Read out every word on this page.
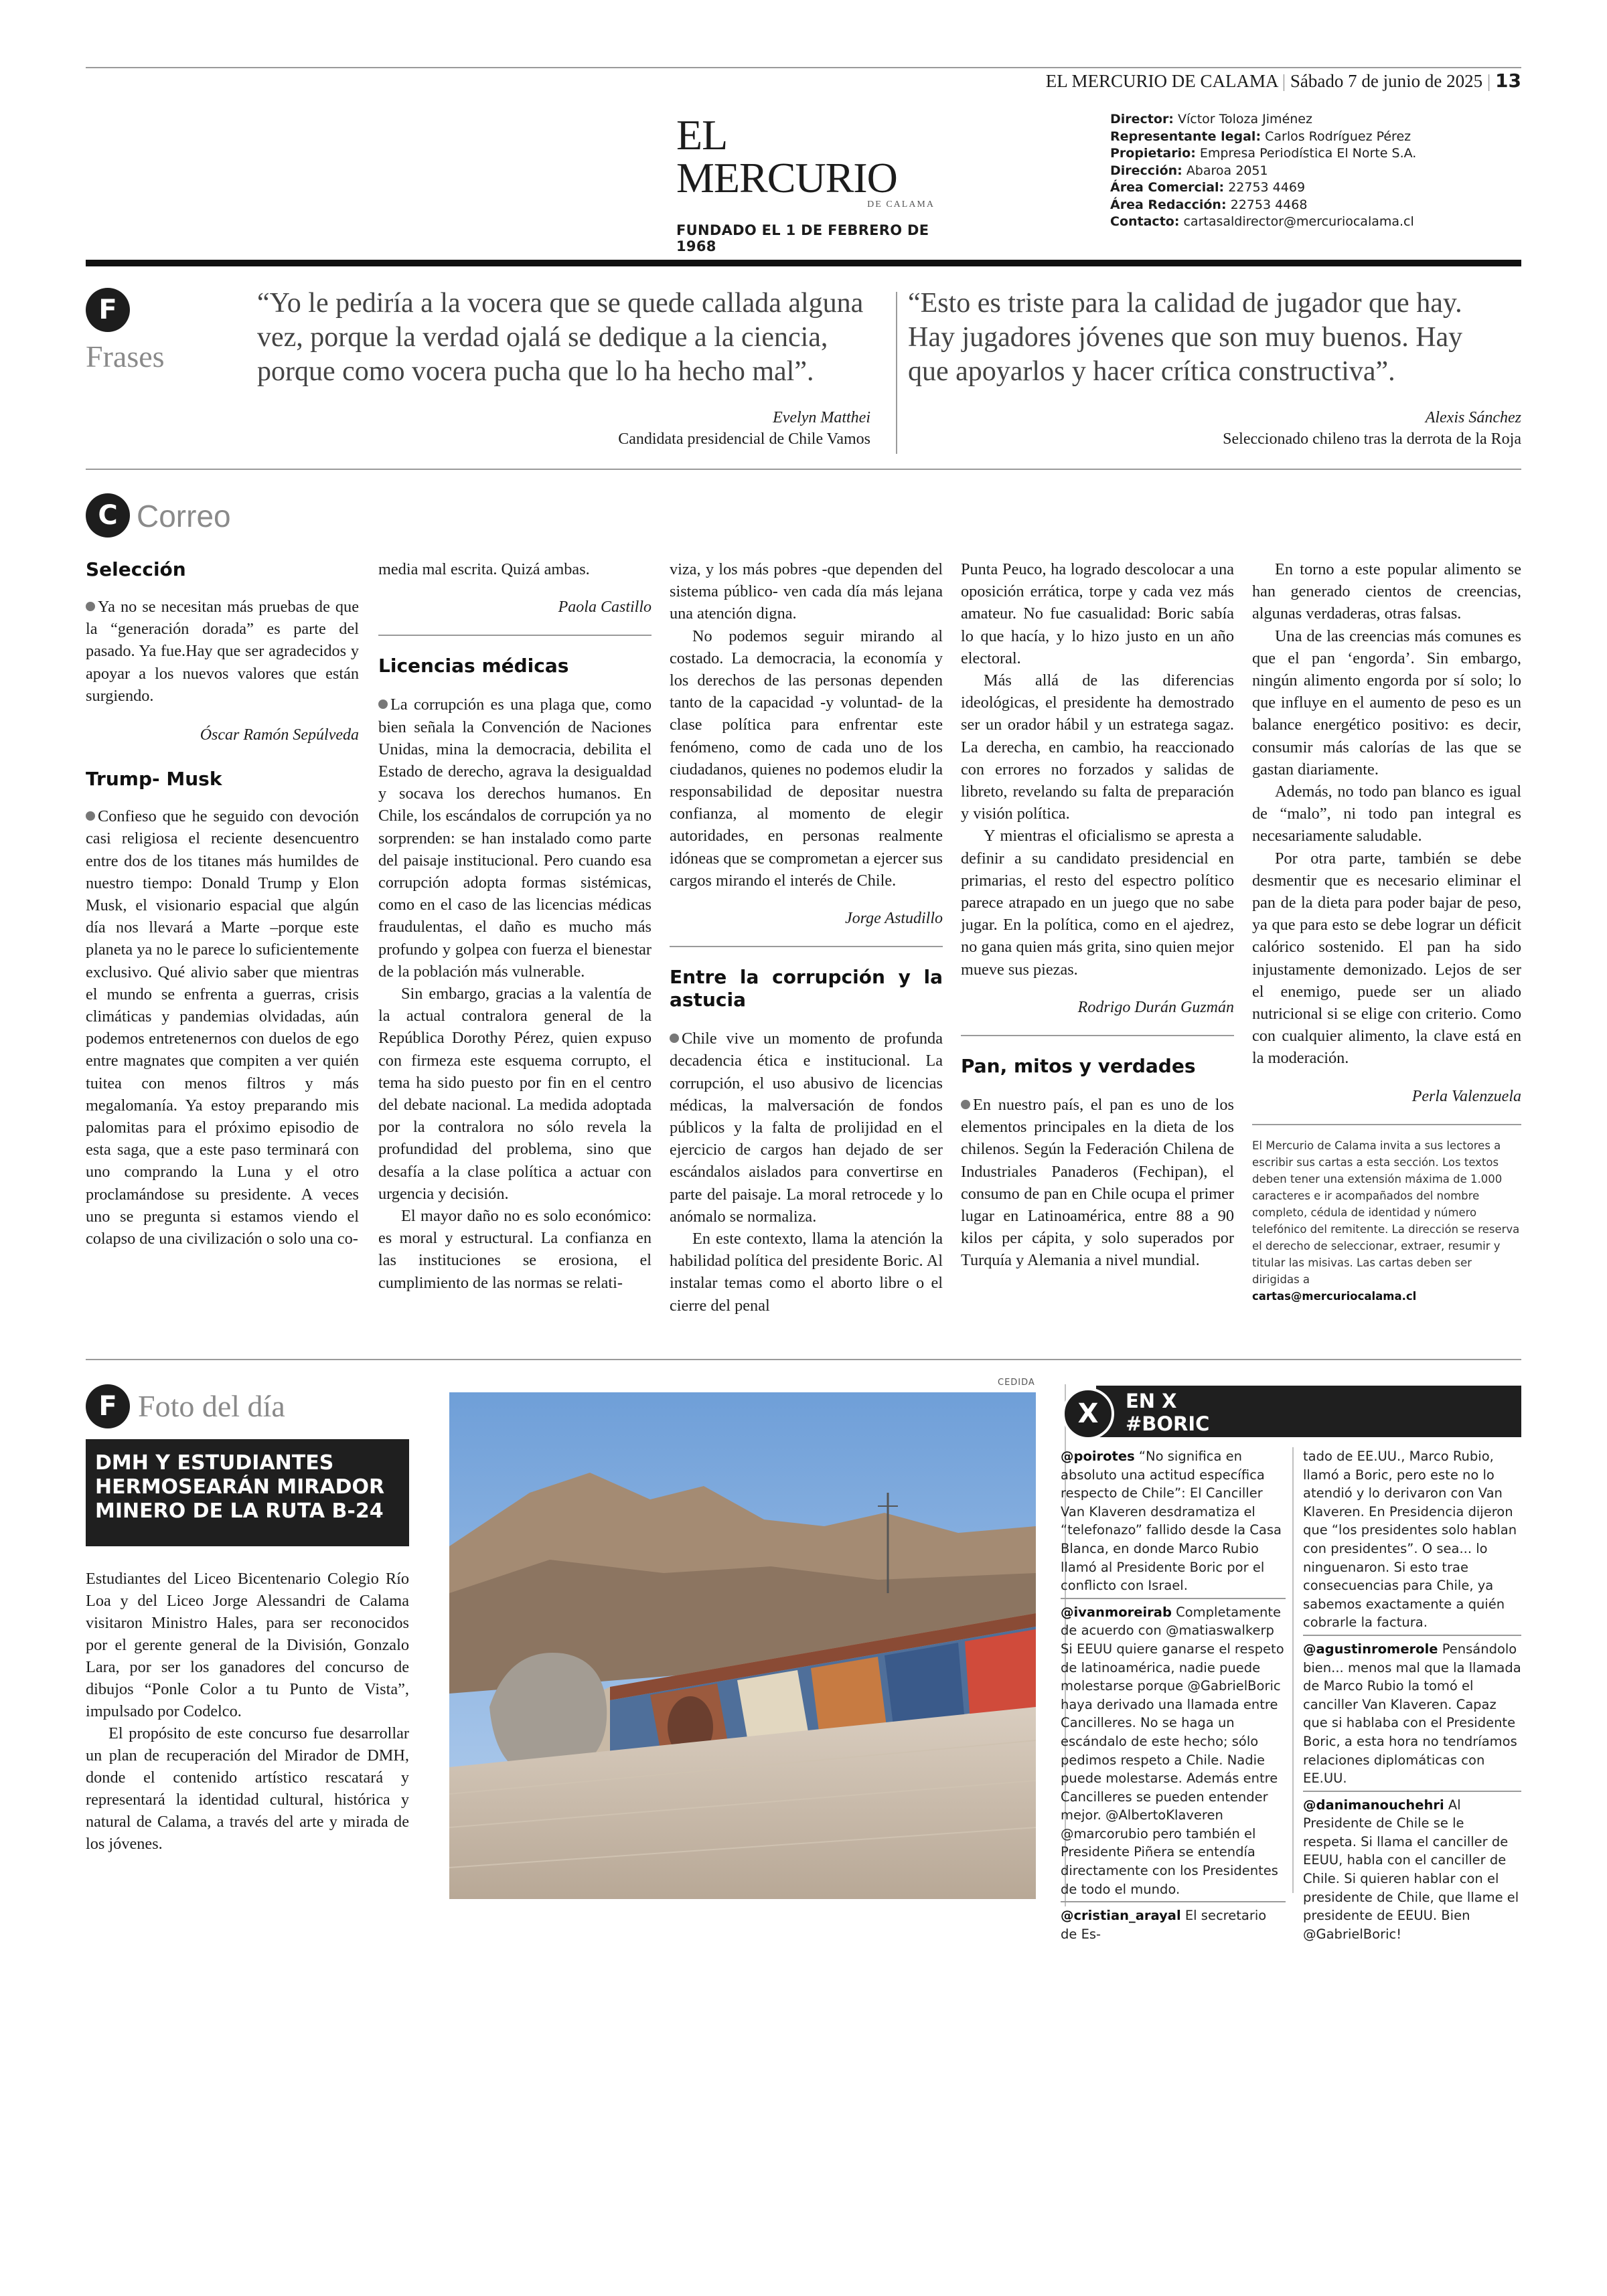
EL MERCURIO DE CALAMA | Sábado 7 de junio de 2025 | 13
EL MERCURIO
DE CALAMA
FUNDADO EL 1 DE FEBRERO DE 1968
Director: Víctor Toloza Jiménez
Representante legal: Carlos Rodríguez Pérez
Propietario: Empresa Periodística El Norte S.A.
Dirección: Abaroa 2051
Área Comercial: 22753 4469
Área Redacción: 22753 4468
Contacto: cartasaldirector@mercuriocalama.cl
F
Frases
“Yo le pediría a la vocera que se quede callada alguna
vez, porque la verdad ojalá se dedique a la ciencia,
porque como vocera pucha que lo ha hecho mal”.
Evelyn Matthei
Candidata presidencial de Chile Vamos
“Esto es triste para la calidad de jugador que hay.
Hay jugadores jóvenes que son muy buenos. Hay
que apoyarlos y hacer crítica constructiva”.
Alexis Sánchez
Seleccionado chileno tras la derrota de la Roja
C Correo
Selección

Ya no se necesitan más pruebas de que la “generación dorada” es parte del pasado. Ya fue.Hay que ser agradecidos y apoyar a los nuevos valores que están surgiendo.

Óscar Ramón Sepúlveda
Trump- Musk

Confieso que he seguido con devoción casi religiosa el reciente desencuentro entre dos de los titanes más humildes de nuestro tiempo: Donald Trump y Elon Musk, el visionario espacial que algún día nos llevará a Marte –porque este planeta ya no le parece lo suficientemente exclusivo. Qué alivio saber que mientras el mundo se enfrenta a guerras, crisis climáticas y pandemias olvidadas, aún podemos entretenernos con duelos de ego entre magnates que compiten a ver quién tuitea con menos filtros y más megalomanía. Ya estoy preparando mis palomitas para el próximo episodio de esta saga, que a este paso terminará con uno comprando la Luna y el otro proclamándose su presidente. A veces uno se pregunta si estamos viendo el colapso de una civilización o solo una co-

media mal escrita. Quizá ambas.

Paola Castillo
Licencias médicas

La corrupción es una plaga que, como bien señala la Convención de Naciones Unidas, mina la democracia, debilita el Estado de derecho, agrava la desigualdad y socava los derechos humanos. En Chile, los escándalos de corrupción ya no sorprenden: se han instalado como parte del paisaje institucional. Pero cuando esa corrupción adopta formas sistémicas, como en el caso de las licencias médicas fraudulentas, el daño es mucho más profundo y golpea con fuerza el bienestar de la población más vulnerable.

Sin embargo, gracias a la valentía de la actual contralora general de la República Dorothy Pérez, quien expuso con firmeza este esquema corrupto, el tema ha sido puesto por fin en el centro del debate nacional. La medida adoptada por la contralora no sólo revela la profundidad del problema, sino que desafía a la clase política a actuar con urgencia y decisión.

El mayor daño no es solo económico: es moral y estructural. La confianza en las instituciones se erosiona, el cumplimiento de las normas se relati-

viza, y los más pobres -que dependen del sistema público- ven cada día más lejana una atención digna.

No podemos seguir mirando al costado. La democracia, la economía y los derechos de las personas dependen tanto de la capacidad -y voluntad- de la clase política para enfrentar este fenómeno, como de cada uno de los ciudadanos, quienes no podemos eludir la responsabilidad de depositar nuestra confianza, al momento de elegir autoridades, en personas realmente idóneas que se comprometan a ejercer sus cargos mirando el interés de Chile.

Jorge Astudillo
Entre la corrupción y la astucia

Chile vive un momento de profunda decadencia ética e institucional. La corrupción, el uso abusivo de licencias médicas, la malversación de fondos públicos y la falta de prolijidad en el ejercicio de cargos han dejado de ser escándalos aislados para convertirse en parte del paisaje. La moral retrocede y lo anómalo se normaliza.

En este contexto, llama la atención la habilidad política del presidente Boric. Al instalar temas como el aborto libre o el cierre del penal

Punta Peuco, ha logrado descolocar a una oposición errática, torpe y cada vez más amateur. No fue casualidad: Boric sabía lo que hacía, y lo hizo justo en un año electoral.

Más allá de las diferencias ideológicas, el presidente ha demostrado ser un orador hábil y un estratega sagaz. La derecha, en cambio, ha reaccionado con errores no forzados y salidas de libreto, revelando su falta de preparación y visión política.

Y mientras el oficialismo se apresta a definir a su candidato presidencial en primarias, el resto del espectro político parece atrapado en un juego que no sabe jugar. En la política, como en el ajedrez, no gana quien más grita, sino quien mejor mueve sus piezas.

Rodrigo Durán Guzmán
Pan, mitos y verdades

En nuestro país, el pan es uno de los elementos principales en la dieta de los chilenos. Según la Federación Chilena de Industriales Panaderos (Fechipan), el consumo de pan en Chile ocupa el primer lugar en Latinoamérica, entre 88 a 90 kilos per cápita, y solo superados por Turquía y Alemania a nivel mundial.

En torno a este popular alimento se han generado cientos de creencias, algunas verdaderas, otras falsas.

Una de las creencias más comunes es que el pan ‘engorda’. Sin embargo, ningún alimento engorda por sí solo; lo que influye en el aumento de peso es un balance energético positivo: es decir, consumir más calorías de las que se gastan diariamente.

Además, no todo pan blanco es igual de “malo”, ni todo pan integral es necesariamente saludable.

Por otra parte, también se debe desmentir que es necesario eliminar el pan de la dieta para poder bajar de peso, ya que para esto se debe lograr un déficit calórico sostenido. El pan ha sido injustamente demonizado. Lejos de ser el enemigo, puede ser un aliado nutricional si se elige con criterio. Como con cualquier alimento, la clave está en la moderación.

Perla Valenzuela
El Mercurio de Calama invita a sus lectores a escribir sus cartas a esta sección. Los textos deben tener una extensión máxima de 1.000 caracteres e ir acompañados del nombre completo, cédula de identidad y número telefónico del remitente. La dirección se reserva el derecho de seleccionar, extraer, resumir y titular las misivas. Las cartas deben ser dirigidas a
cartas@mercuriocalama.cl
F Foto del día
DMH Y ESTUDIANTES HERMOSEARÁN MIRADOR MINERO DE LA RUTA B-24

Estudiantes del Liceo Bicentenario Colegio Río Loa y del Liceo Jorge Alessandri de Calama visitaron Ministro Hales, para ser reconocidos por el gerente general de la División, Gonzalo Lara, por ser los ganadores del concurso de dibujos “Ponle Color a tu Punto de Vista”, impulsado por Codelco.

El propósito de este concurso fue desarrollar un plan de recuperación del Mirador de DMH, donde el contenido artístico rescatará y representará la identidad cultural, histórica y natural de Calama, a través del arte y mirada de los jóvenes.

CEDIDA
EN X
#BORIC
X
@poirotes “No significa en absoluto una actitud específica respecto de Chile”: El Canciller Van Klaveren desdramatiza el “telefonazo” fallido desde la Casa Blanca, en donde Marco Rubio llamó al Presidente Boric por el conflicto con Israel.
@ivanmoreirab Completamente de acuerdo con @matiaswalkerp Si EEUU quiere ganarse el respeto de latinoamérica, nadie puede molestarse porque @GabrielBoric haya derivado una llamada entre Cancilleres. No se haga un escándalo de este hecho; sólo pedimos respeto a Chile. Nadie puede molestarse. Además entre Cancilleres se pueden entender mejor. @AlbertoKlaveren @marcorubio pero también el Presidente Piñera se entendía directamente con los Presidentes de todo el mundo.
@cristian_arayal El secretario de Es-
tado de EE.UU., Marco Rubio, llamó a Boric, pero este no lo atendió y lo derivaron con Van Klaveren. En Presidencia dijeron que “los presidentes solo hablan con presidentes”. O sea... lo ninguenaron. Si esto trae consecuencias para Chile, ya sabemos exactamente a quién cobrarle la factura.
@agustinromerole Pensándolo bien... menos mal que la llamada de Marco Rubio la tomó el canciller Van Klaveren. Capaz que si hablaba con el Presidente Boric, a esta hora no tendríamos relaciones diplomáticas con EE.UU.
@danimanouchehri Al Presidente de Chile se le respeta. Si llama el canciller de EEUU, habla con el canciller de Chile. Si quieren hablar con el presidente de Chile, que llame el presidente de EEUU. Bien @GabrielBoric!
